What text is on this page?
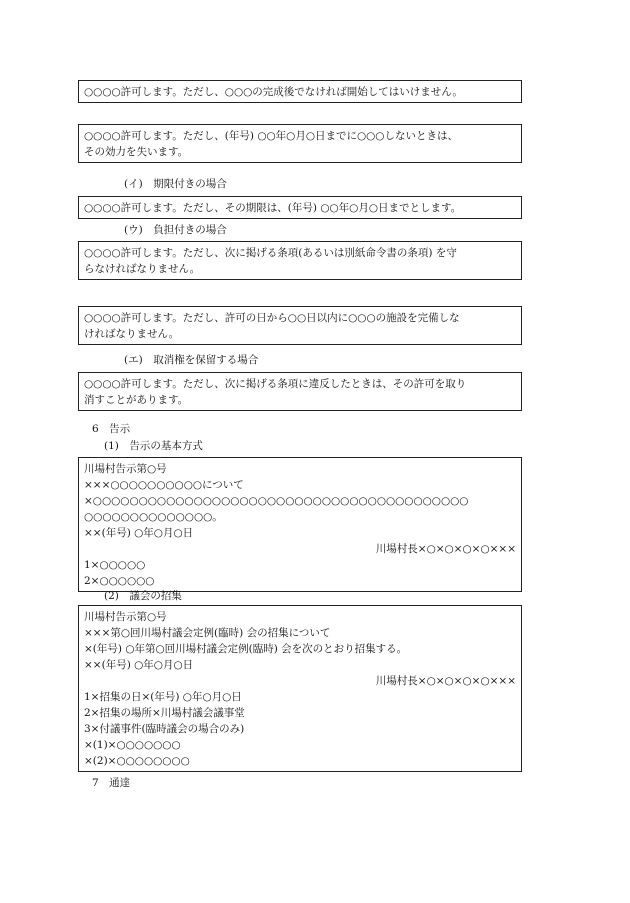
○○○○許可します。ただし、○○○の完成後でなければ開始してはいけません。
○○○○許可します。ただし、(年号) ○○年○月○日までに○○○しないときは、
その効力を失います。
(イ)　期限付きの場合
○○○○許可します。ただし、その期限は、(年号) ○○年○月○日までとします。
(ウ)　負担付きの場合
○○○○許可します。ただし、次に掲げる条項(あるいは別紙命令書の条項) を守
らなければなりません。
○○○○許可します。ただし、許可の日から○○日以内に○○○の施設を完備しな
ければなりません。
(エ)　取消権を保留する場合
○○○○許可します。ただし、次に掲げる条項に違反したときは、その許可を取り
消すことがあります。
6　告示
(1)　告示の基本方式
川場村告示第○号
×××○○○○○○○○○○について
×○○○○○○○○○○○○○○○○○○○○○○○○○○○○○○○○○○○○○○○○○
○○○○○○○○○○○○○○。
××(年号) ○年○月○日
川場村長×○×○×○×○×××
1×○○○○○
2×○○○○○○
(2)　議会の招集
川場村告示第○号
×××第○回川場村議会定例(臨時) 会の招集について
×(年号) ○年第○回川場村議会定例(臨時) 会を次のとおり招集する。
××(年号) ○年○月○日
川場村長×○×○×○×○×××
1×招集の日×(年号) ○年○月○日
2×招集の場所×川場村議会議事堂
3×付議事件(臨時議会の場合のみ)
×(1)×○○○○○○○
×(2)×○○○○○○○○
7　通達
